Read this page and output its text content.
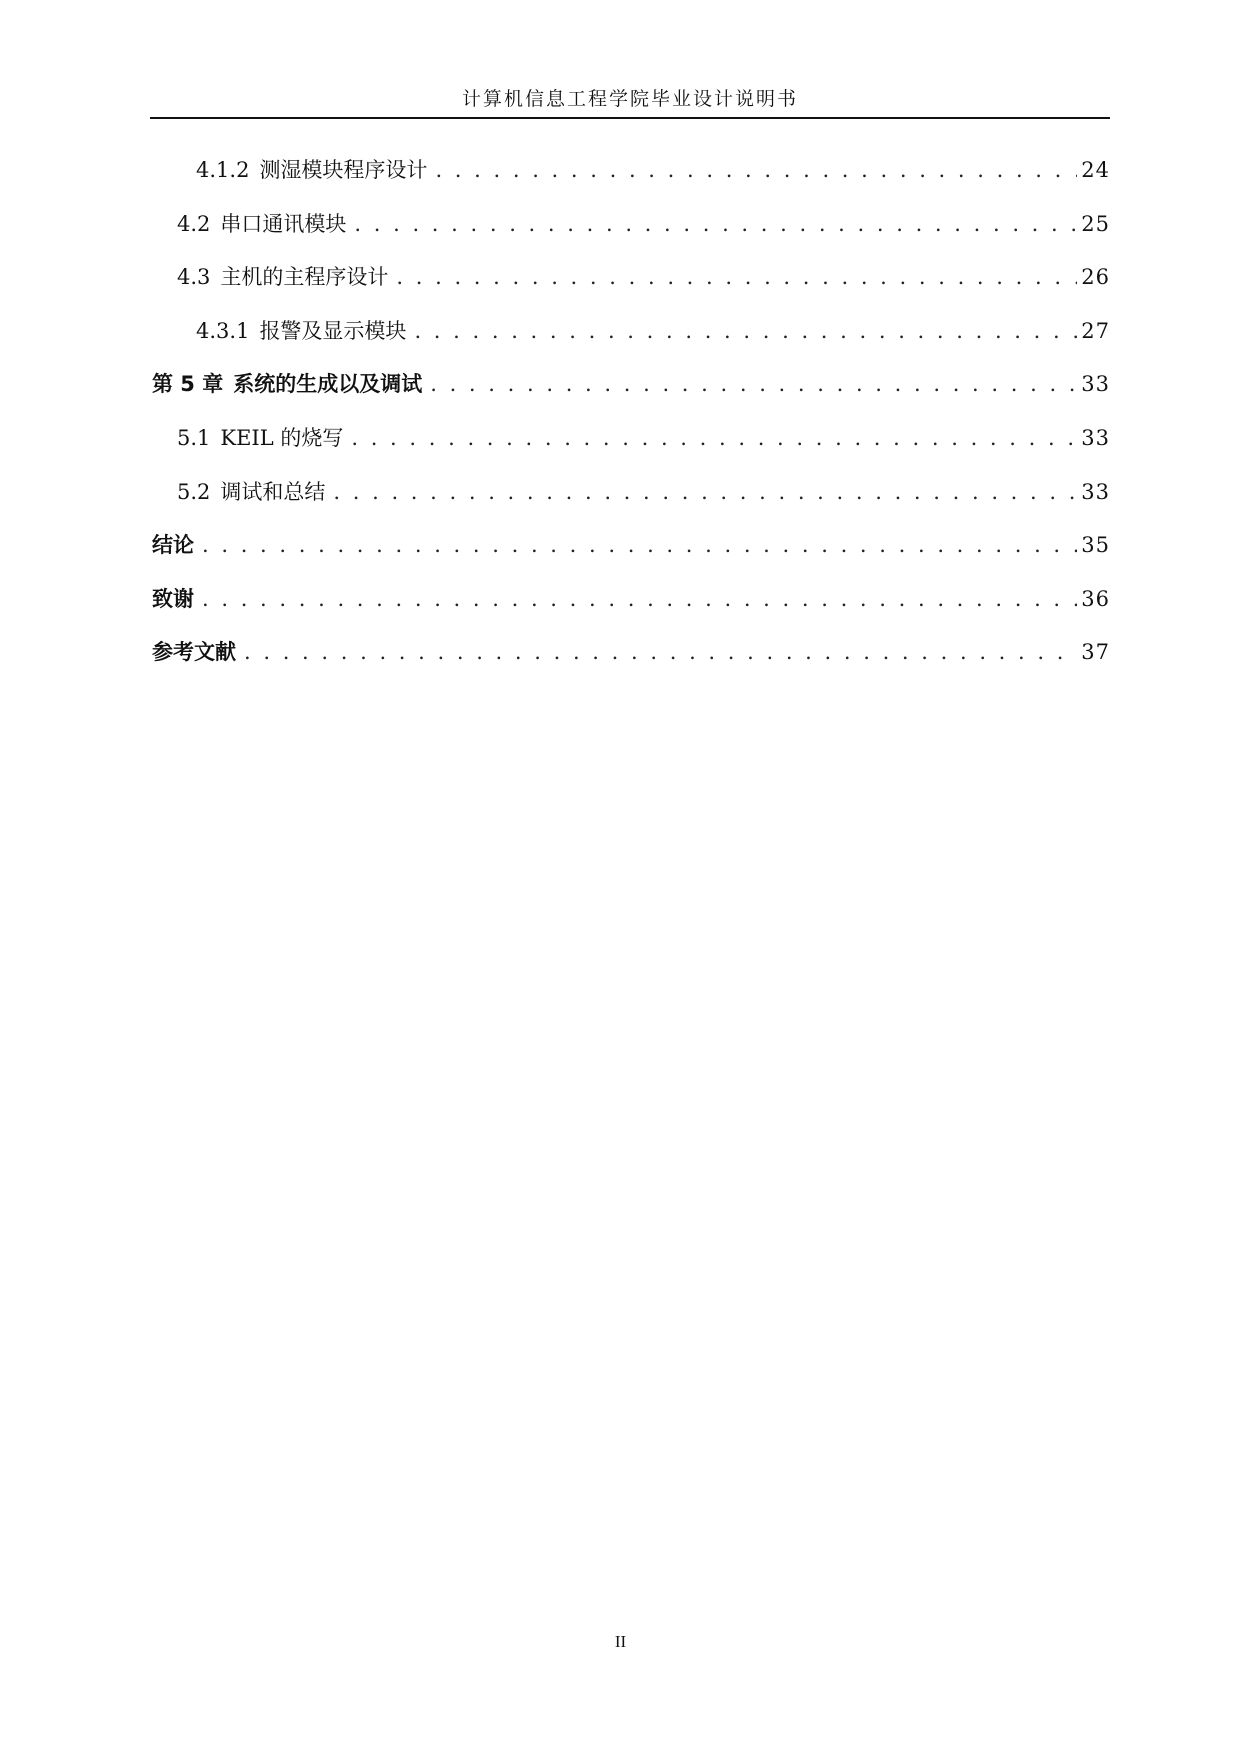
计算机信息工程学院毕业设计说明书
4.1.2 测湿模块程序设计 . . .	24
4.2 串口通讯模块 . . .	25
4.3 主机的主程序设计 . . .	26
4.3.1 报警及显示模块 . . .	27
第 5 章 系统的生成以及调试 . . .	33
5.1 KEIL 的烧写 . . .	33
5.2 调试和总结 . . .	33
结论 . . .	35
致谢 . . .	36
参考文献 . . .	37
II
